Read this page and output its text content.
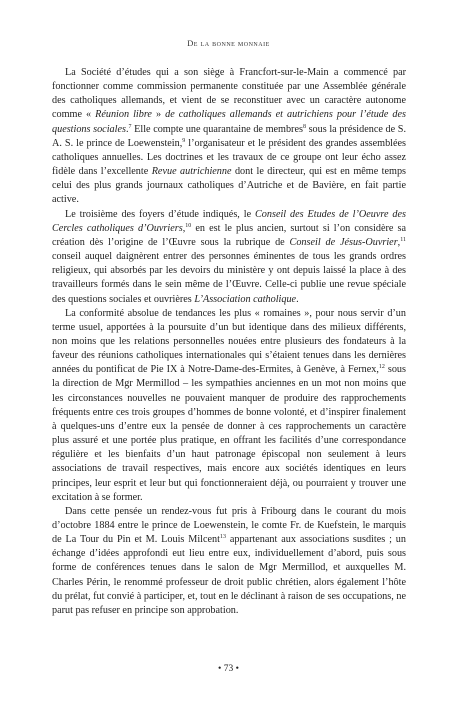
De la bonne monnaie

La Société d’études qui a son siège à Francfort-sur-le-Main a commencé par fonctionner comme commission permanente constituée par une Assemblée générale des catholiques allemands, et vient de se reconstituer avec un caractère autonome comme « Réunion libre » de catholiques allemands et autrichiens pour l’étude des questions sociales.$^7$ Elle compte une quarantaine de membres$^8$ sous la présidence de S. A. S. le prince de Loewenstein,$^9$ l’organisateur et le président des grandes assemblées catholiques annuelles. Les doctrines et les travaux de ce groupe ont leur écho assez fidèle dans l’excellente Revue autrichienne dont le directeur, qui est en même temps celui des plus grands journaux catholiques d’Autriche et de Bavière, en fait partie active.

Le troisième des foyers d’étude indiqués, le Conseil des Etudes de l’Oeuvre des Cercles catholiques d’Ouvriers,$^{10}$ en est le plus ancien, surtout si l’on considère sa création dès l’origine de l’Œuvre sous la rubrique de Conseil de Jésus-Ouvrier,$^{11}$ conseil auquel daignèrent entrer des personnes éminentes de tous les grands ordres religieux, qui absorbés par les devoirs du ministère y ont depuis laissé la place à des travailleurs formés dans le sein même de l’Œuvre. Celle-ci publie une revue spéciale des questions sociales et ouvrières L’Association catholique.

La conformité absolue de tendances les plus « romaines », pour nous servir d’un terme usuel, apportées à la poursuite d’un but identique dans des milieux différents, non moins que les relations personnelles nouées entre plusieurs des fondateurs à la faveur des réunions catholiques internationales qui s’étaient tenues dans les dernières années du pontificat de Pie IX à Notre-Dame-des-Ermites, à Genève, à Fernex,$^{12}$ sous la direction de Mgr Mermillod – les sympathies anciennes en un mot non moins que les circonstances nouvelles ne pouvaient manquer de produire des rapprochements fréquents entre ces trois groupes d’hommes de bonne volonté, et d’inspirer finalement à quelques-uns d’entre eux la pensée de donner à ces rapprochements un caractère plus assuré et une portée plus pratique, en offrant les facilités d’une correspondance régulière et les bienfaits d’un haut patronage épiscopal non seulement à leurs associations de travail respectives, mais encore aux sociétés identiques en leurs principes, leur esprit et leur but qui fonctionneraient déjà, ou pourraient y trouver une excitation à se former.

Dans cette pensée un rendez-vous fut pris à Fribourg dans le courant du mois d’octobre 1884 entre le prince de Loewenstein, le comte Fr. de Kuefstein, le marquis de La Tour du Pin et M. Louis Milcent$^{13}$ appartenant aux associations susdites ; un échange d’idées approfondi eut lieu entre eux, individuellement d’abord, puis sous forme de conférences tenues dans le salon de Mgr Mermillod, et auxquelles M. Charles Périn, le renommé professeur de droit public chrétien, alors également l’hôte du prélat, fut convié à participer, et, tout en le déclinant à raison de ses occupations, ne parut pas refuser en principe son approbation.

• 73 •
